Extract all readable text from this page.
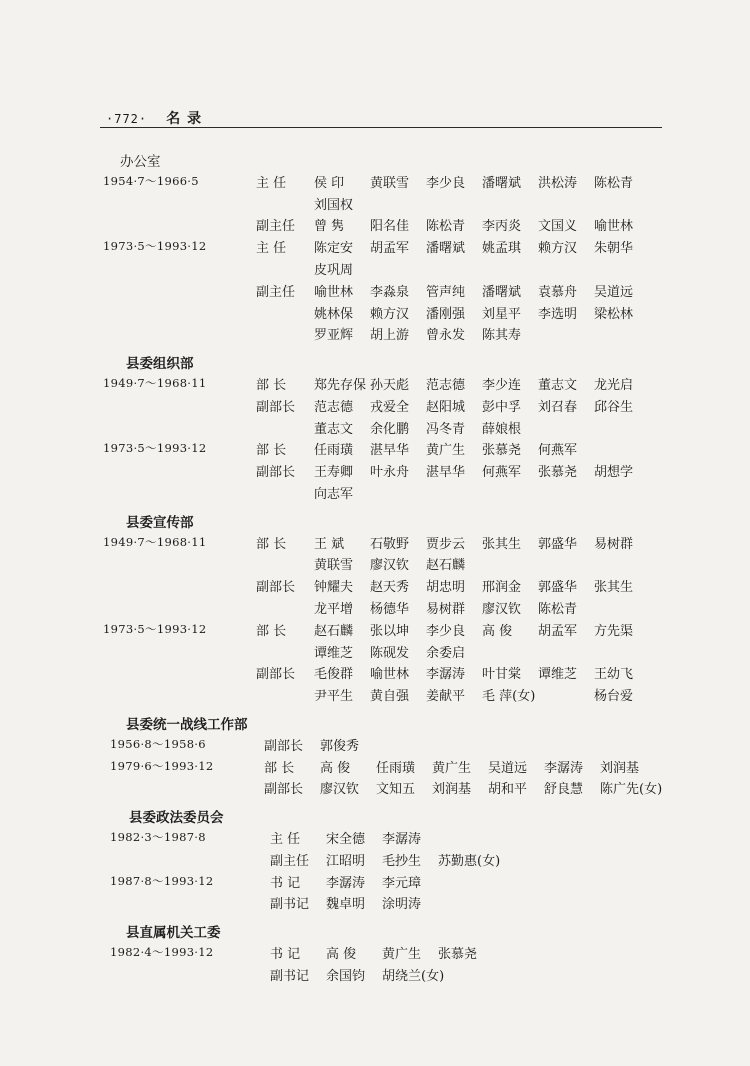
·772· 名 录
办公室
1954·7～1966·5	主 任 侯 印	黄联雪	李少良	潘曙斌	洪松涛	陈松青
刘国权
副主任 曾 隽	阳名佳	陈松青	李丙炎	文国义	喻世林
1973·5～1993·12	主 任 陈定安	胡孟军	潘曙斌	姚孟琪	赖方汉	朱朝华
皮巩周
副主任 喻世林	李淼泉	管声纯	潘曙斌	袁慕舟	吴道远
姚林保	赖方汉	潘刚强	刘星平	李选明	梁松林
罗亚辉	胡上游	曾永发	陈其寿
县委组织部
1949·7～1968·11	部 长 郑先存保 孙天彪	范志德	李少连	董志文	龙光启
副部长 范志德	戎爱全	赵阳城	彭中孚	刘召春	邱谷生
董志文	余化鹏	冯冬青	薛娘根
1973·5～1993·12	部 长 任雨璜	湛早华	黄广生	张慕尧	何燕军
副部长 王寿卿	叶永舟	湛早华	何燕军	张慕尧	胡想学
向志军
县委宣传部
1949·7～1968·11	部 长 王 斌	石敬野	贾步云	张其生	郭盛华	易树群
黄联雪	廖汉钦	赵石麟
副部长 钟耀夫	赵天秀	胡忠明	邢润金	郭盛华	张其生
龙平增	杨德华	易树群	廖汉钦	陈松青
1973·5～1993·12	部 长 赵石麟	张以坤	李少良	高 俊	胡孟军	方先渠
谭维芝	陈砚发	余委启
副部长 毛俊群	喻世林	李潺涛	叶甘棠	谭维芝	王幼飞
尹平生	黄自强	姜献平	毛 萍(女)	杨台爱
县委统一战线工作部
1956·8～1958·6	副部长 郭俊秀
1979·6～1993·12	部 长 高 俊	任雨璜	黄广生	吴道远	李潺涛	刘润基
副部长 廖汉钦	文知五	刘润基	胡和平	舒良慧	陈广先(女)
县委政法委员会
1982·3～1987·8	主 任 宋全德	李潺涛
副主任 江昭明	毛抄生	苏勤惠(女)
1987·8～1993·12	书 记 李潺涛	李元璋
副书记 魏卓明	涂明涛
县直属机关工委
1982·4～1993·12	书 记 高 俊	黄广生	张慕尧
副书记 余国钧	胡绕兰(女)
